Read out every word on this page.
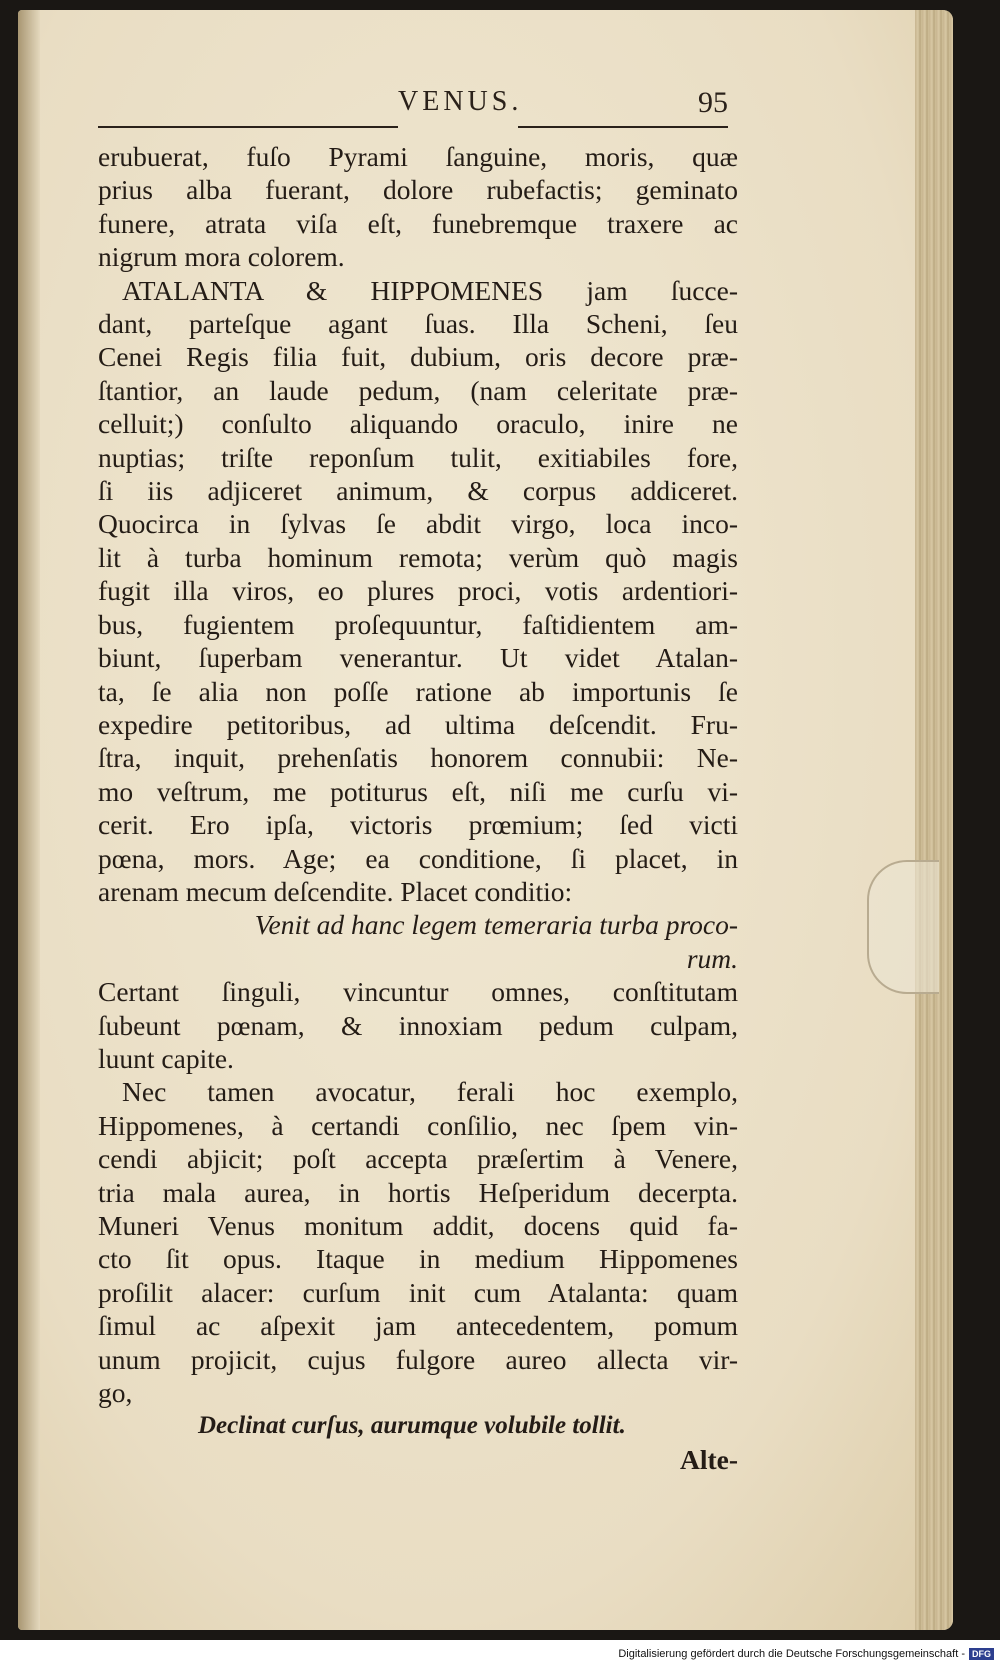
VENUS.	95
erubuerat, fuſo Pyrami ſanguine, moris, quæ
prius alba fuerant, dolore rubefactis; geminato
funere, atrata viſa eſt, funebremque traxere ac
nigrum mora colorem.
ATALANTA & HIPPOMENES jam ſucce-
dant, parteſque agant ſuas. Illa Scheni, ſeu
Cenei Regis filia fuit, dubium, oris decore præ-
ſtantior, an laude pedum, (nam celeritate præ-
celluit;) conſulto aliquando oraculo, inire ne
nuptias; triſte reponſum tulit, exitiabiles fore,
ſi iis adjiceret animum, & corpus addiceret.
Quocirca in ſylvas ſe abdit virgo, loca inco-
lit à turba hominum remota; verùm quò magis
fugit illa viros, eo plures proci, votis ardentiori-
bus, fugientem proſequuntur, faſtidientem am-
biunt, ſuperbam venerantur. Ut videt Atalan-
ta, ſe alia non poſſe ratione ab importunis ſe
expedire petitoribus, ad ultima deſcendit. Fru-
ſtra, inquit, prehenſatis honorem connubii: Ne-
mo veſtrum, me potiturus eſt, niſi me curſu vi-
cerit. Ero ipſa, victoris prœmium; ſed victi
pœna, mors. Age; ea conditione, ſi placet, in
arenam mecum deſcendite. Placet conditio:
Venit ad hanc legem temeraria turba proco-
rum.
Certant ſinguli, vincuntur omnes, conſtitutam
ſubeunt pœnam, & innoxiam pedum culpam,
luunt capite.
Nec tamen avocatur, ferali hoc exemplo,
Hippomenes, à certandi conſilio, nec ſpem vin-
cendi abjicit; poſt accepta præſertim à Venere,
tria mala aurea, in hortis Heſperidum decerpta.
Muneri Venus monitum addit, docens quid fa-
cto ſit opus. Itaque in medium Hippomenes
proſilit alacer: curſum init cum Atalanta: quam
ſimul ac aſpexit jam antecedentem, pomum
unum projicit, cujus fulgore aureo allecta vir-
go,
Declinat curſus, aurumque volubile tollit.
Alte-
Digitalisierung gefördert durch die Deutsche Forschungsgemeinschaft - DFG
